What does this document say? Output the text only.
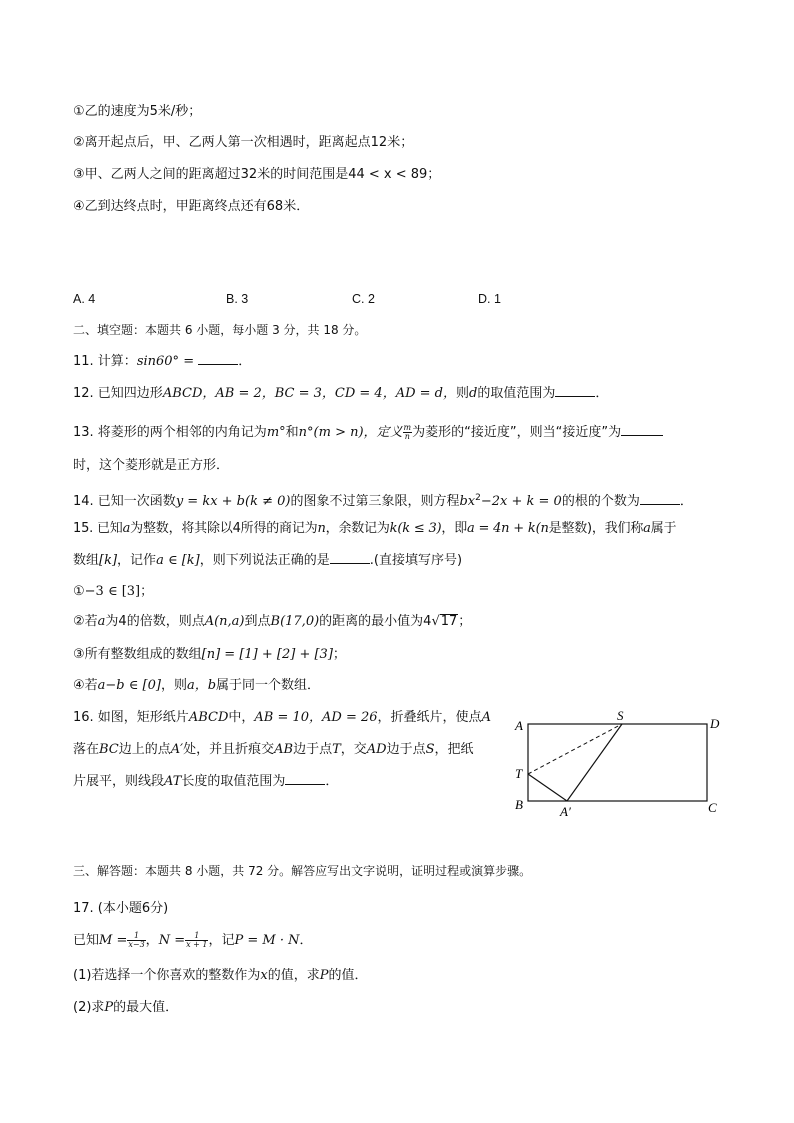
①乙的速度为5米/秒；
②离开起点后，甲、乙两人第一次相遇时，距离起点12米；
③甲、乙两人之间的距离超过32米的时间范围是44 < x < 89；
④乙到达终点时，甲距离终点还有68米．
A. 4	B. 3	C. 2	D. 1
二、填空题：本题共 6 小题，每小题 3 分，共 18 分。
11. 计算：sin60° =	．
12. 已知四边形ABCD，AB = 2，BC = 3，CD = 4，AD = d，则d的取值范围为	．
13. 将菱形的两个相邻的内角记为m°和n°(m > n)，定义 $\frac{m}{n}$ 为菱形的“接近度”，则当“接近度”为
时，这个菱形就是正方形．
14. 已知一次函数y = kx + b(k ≠ 0)的图象不过第三象限，则方程$bx^2-2x + k = 0$的根的个数为	．
15. 已知a为整数，将其除以4所得的商记为n，余数记为k(k ≤ 3)，即a = 4n + k(n是整数)，我们称a属于
数组[k]，记作a ∈ [k]，则下列说法正确的是	.(直接填写序号)
①−3 ∈ [3]；
②若a为4的倍数，则点A(n,a)到点B(17,0)的距离的最小值为4√17；
③所有整数组成的数组[n] = [1] + [2] + [3]；
④若a−b ∈ [0]，则a，b属于同一个数组．
16. 如图，矩形纸片ABCD中，AB = 10，AD = 26，折叠纸片，使点A
落在BC边上的点A′处，并且折痕交AB边于点T，交AD边于点S，把纸
片展平，则线段AT长度的取值范围为	．
A
S
D
T
B	A′	C
三、解答题：本题共 8 小题，共 72 分。解答应写出文字说明，证明过程或演算步骤。
17. (本小题6分)
已知$M = \frac{1}{x-3}$ ，$N = \frac{1}{x + 1}$ ，记P = M · N．
(1)若选择一个你喜欢的整数作为x的值，求P的值．
(2)求P的最大值．
